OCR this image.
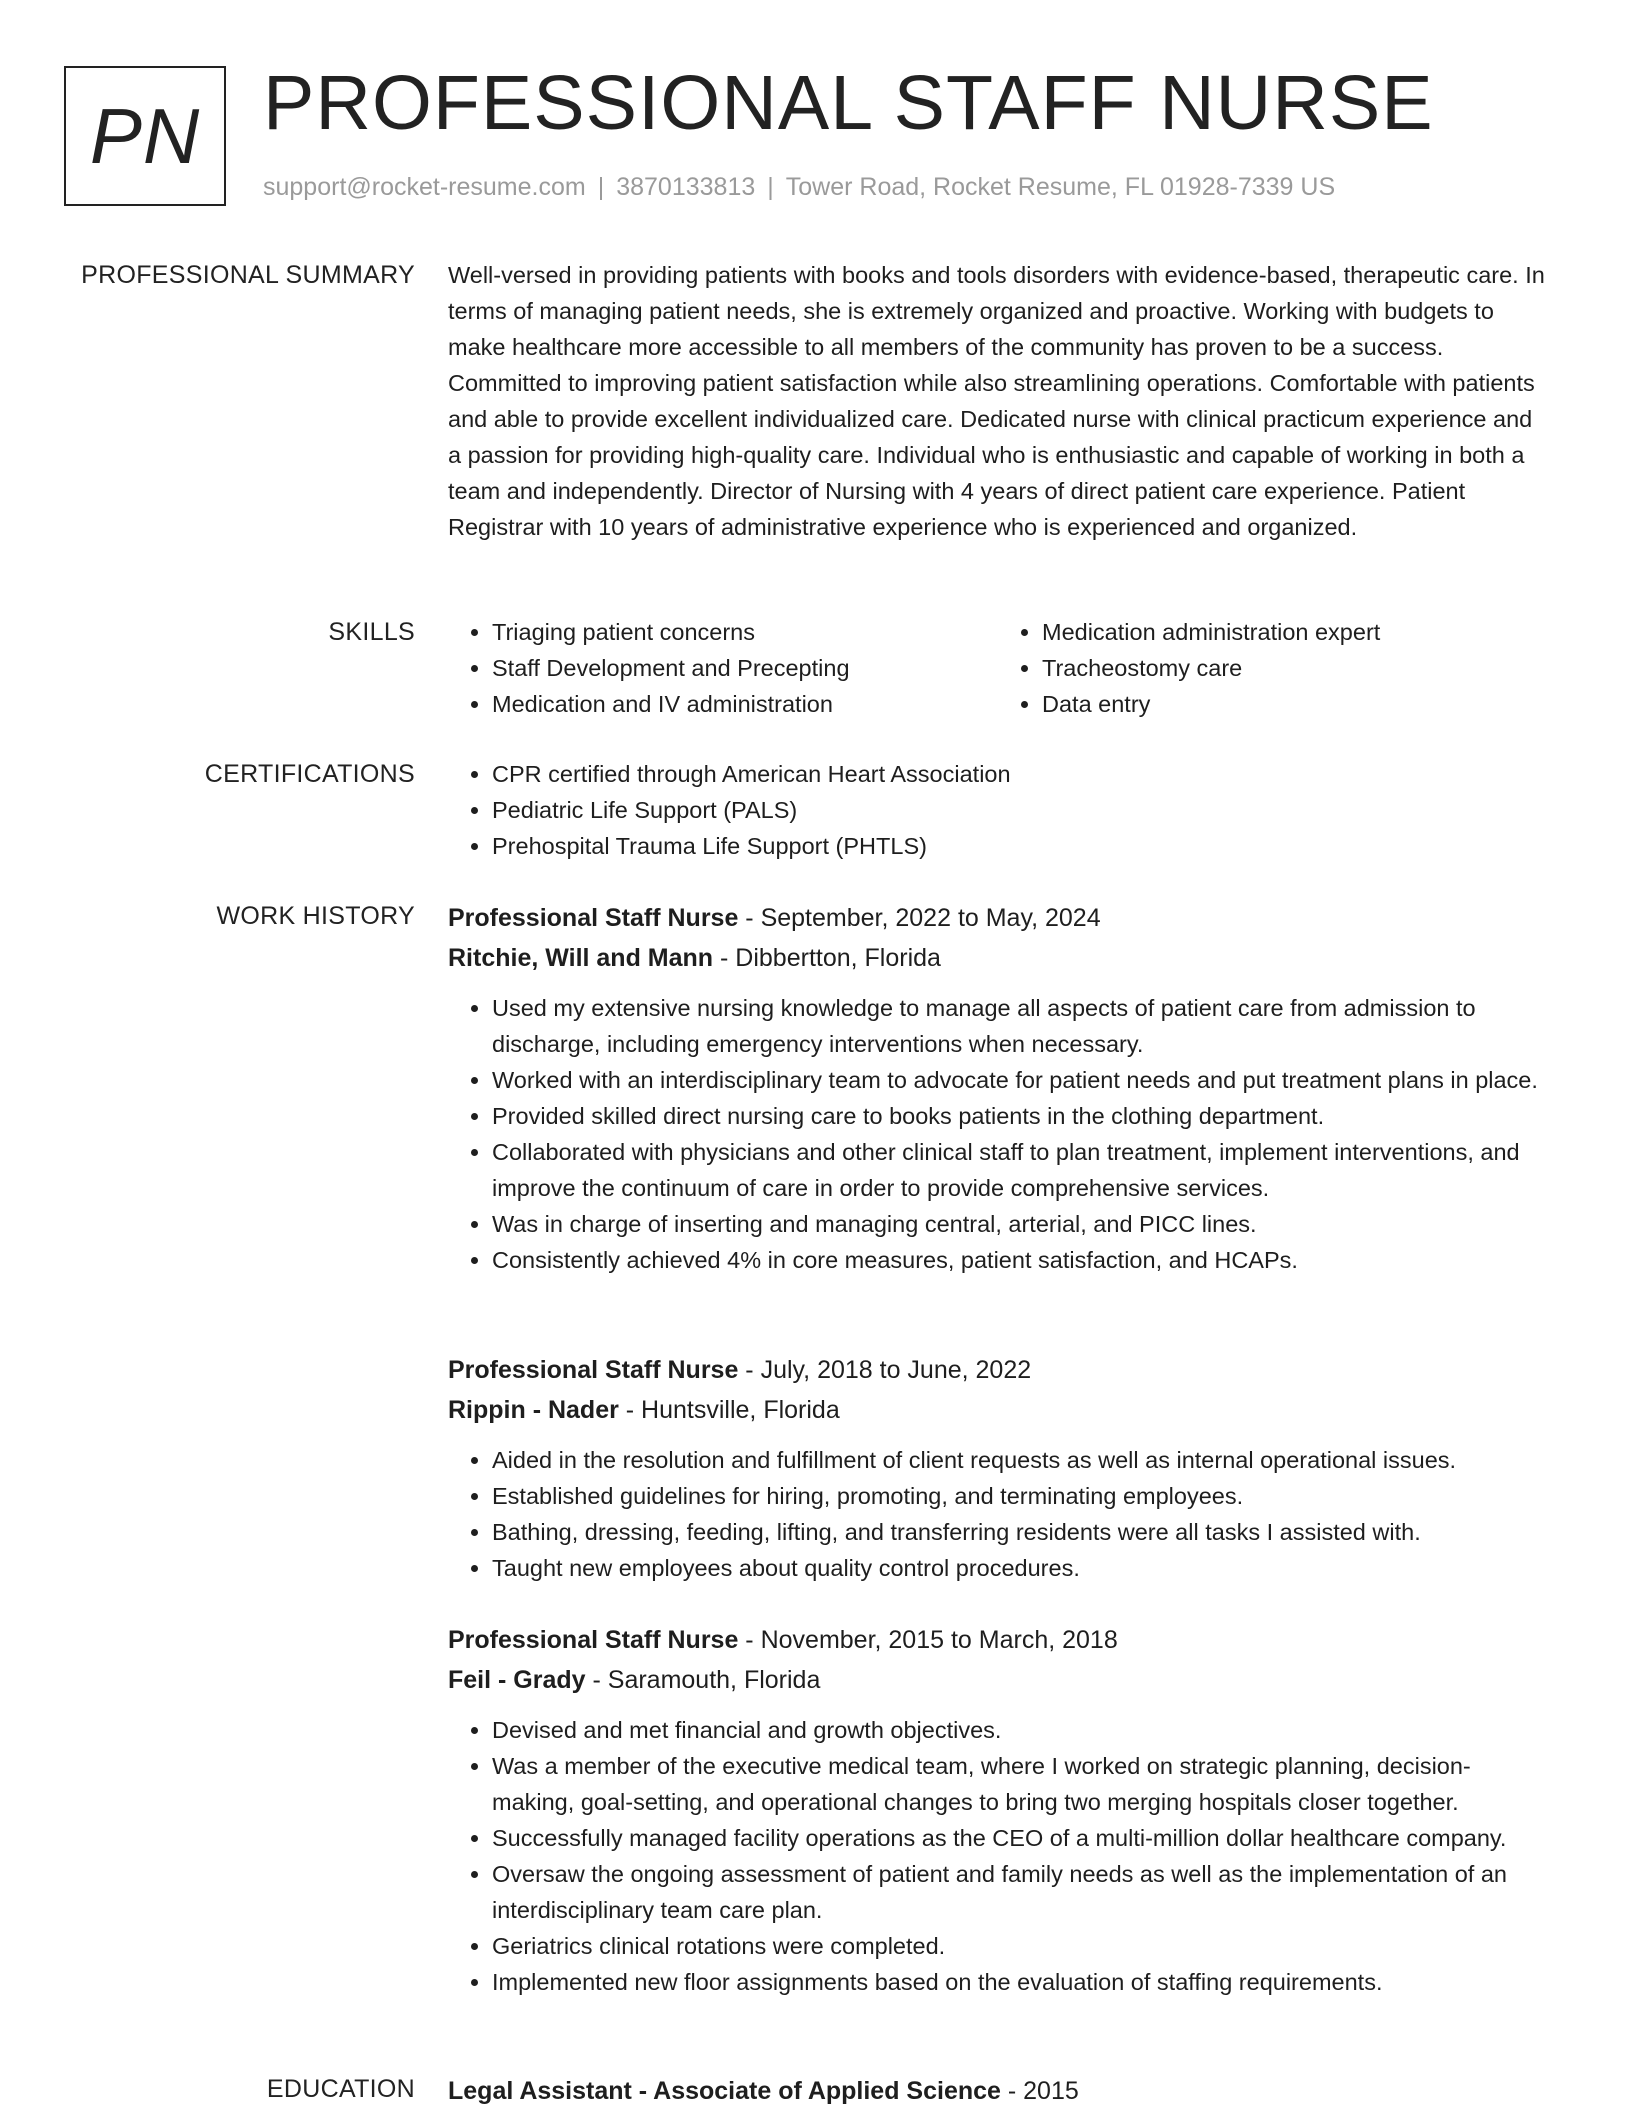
PN PROFESSIONAL STAFF NURSE
support@rocket-resume.com | 3870133813 | Tower Road, Rocket Resume, FL 01928-7339 US
PROFESSIONAL SUMMARY Well-versed in providing patients with books and tools disorders with evidence-based, therapeutic care. In terms of managing patient needs, she is extremely organized and proactive. Working with budgets to make healthcare more accessible to all members of the community has proven to be a success. Committed to improving patient satisfaction while also streamlining operations. Comfortable with patients and able to provide excellent individualized care. Dedicated nurse with clinical practicum experience and a passion for providing high-quality care. Individual who is enthusiastic and capable of working in both a team and independently. Director of Nursing with 4 years of direct patient care experience. Patient Registrar with 10 years of administrative experience who is experienced and organized.

SKILLS	• Triaging patient concerns
• Staff Development and Precepting
• Medication and IV administration
• Medication administration expert
• Tracheostomy care
• Data entry
CERTIFICATIONS	• CPR certified through American Heart Association
• Pediatric Life Support (PALS)
• Prehospital Trauma Life Support (PHTLS)
WORK HISTORY Professional Staff Nurse - September, 2022 to May, 2024
Ritchie, Will and Mann - Dibbertton, Florida
• Used my extensive nursing knowledge to manage all aspects of patient care from admission to discharge, including emergency interventions when necessary.
• Worked with an interdisciplinary team to advocate for patient needs and put treatment plans in place.
• Provided skilled direct nursing care to books patients in the clothing department.
• Collaborated with physicians and other clinical staff to plan treatment, implement interventions, and improve the continuum of care in order to provide comprehensive services.
• Was in charge of inserting and managing central, arterial, and PICC lines.
• Consistently achieved 4% in core measures, patient satisfaction, and HCAPs.
Professional Staff Nurse - July, 2018 to June, 2022
Rippin - Nader - Huntsville, Florida
• Aided in the resolution and fulfillment of client requests as well as internal operational issues.
• Established guidelines for hiring, promoting, and terminating employees.
• Bathing, dressing, feeding, lifting, and transferring residents were all tasks I assisted with.
• Taught new employees about quality control procedures.
Professional Staff Nurse - November, 2015 to March, 2018
Feil - Grady - Saramouth, Florida
• Devised and met financial and growth objectives.
• Was a member of the executive medical team, where I worked on strategic planning, decision-making, goal-setting, and operational changes to bring two merging hospitals closer together.
• Successfully managed facility operations as the CEO of a multi-million dollar healthcare company.
• Oversaw the ongoing assessment of patient and family needs as well as the implementation of an interdisciplinary team care plan.
• Geriatrics clinical rotations were completed.
• Implemented new floor assignments based on the evaluation of staffing requirements.
EDUCATION Legal Assistant - Associate of Applied Science - 2015
